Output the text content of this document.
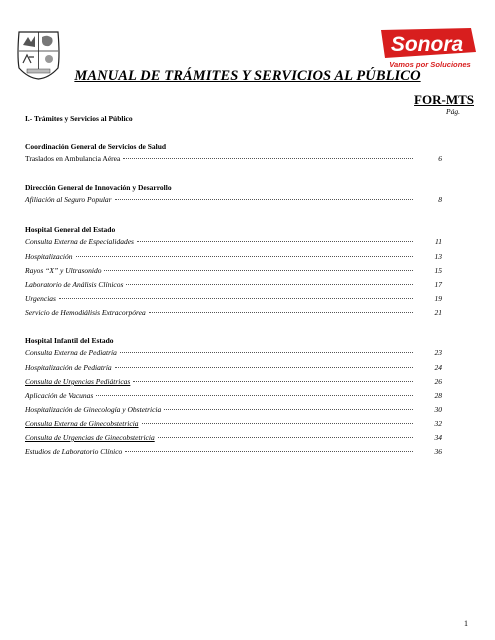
Sonora
Vamos por Soluciones
MANUAL DE TRÁMITES Y SERVICIOS AL PÚBLICO
FOR-MTS
Pág.
I.- Trámites y Servicios al Público
Coordinación General de Servicios de Salud
Traslados en Ambulancia Aérea	6
Dirección General de Innovación y Desarrollo
Afiliación al Seguro Popular	8
Hospital General del Estado
Consulta Externa de Especialidades	11
Hospitalización	13
Rayos “X” y Ultrasonido	15
Laboratorio de Análisis Clínicos	17
Urgencias	19
Servicio de Hemodiálisis Extracorpórea	21
Hospital Infantil del Estado
Consulta Externa de Pediatría	23
Hospitalización de Pediatría	24
Consulta de Urgencias Pediátricas	26
Aplicación de Vacunas	28
Hospitalización de Ginecología y Obstetricia	30
Consulta Externa de Ginecobstetricia	32
Consulta de Urgencias de Ginecobstetricia	34
Estudios de Laboratorio Clínico	36
1
